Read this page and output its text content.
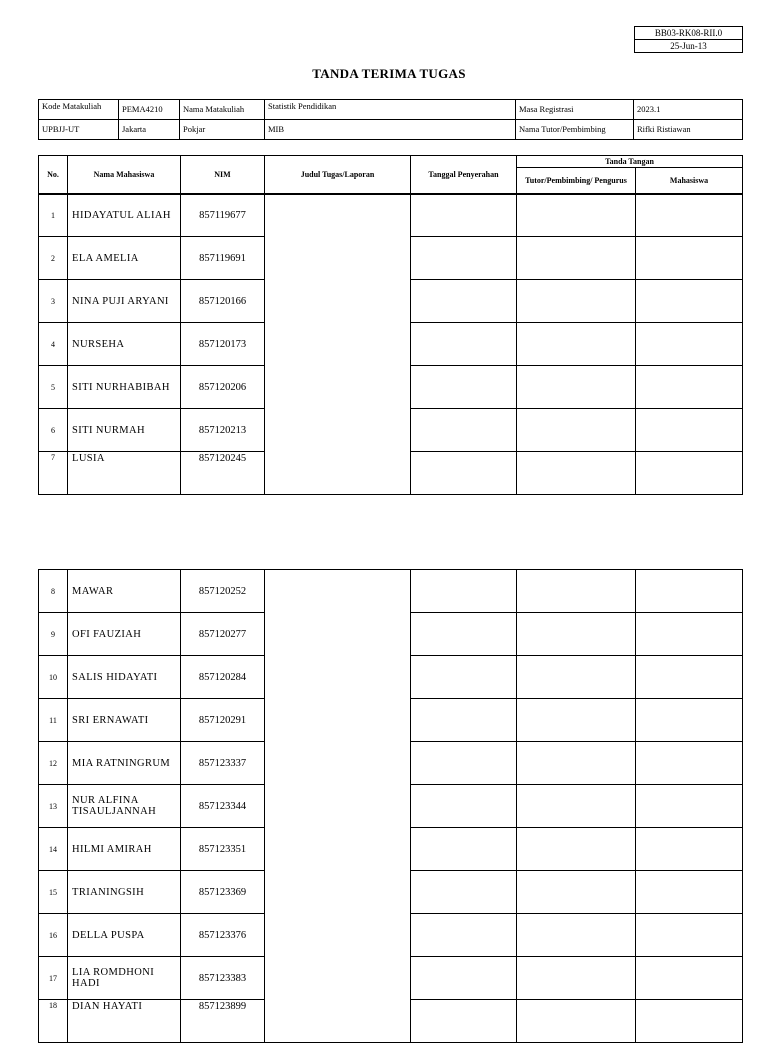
BB03-RK08-RII.0
25-Jun-13
TANDA TERIMA TUGAS
Kode Matakuliah	PEMA4210	Nama Matakuliah	Statistik Pendidikan	Masa Registrasi	2023.1
UPBJJ-UT	Jakarta	Pokjar	MIB	Nama Tutor/Pembimbing	Rifki Ristiawan
No.	Nama Mahasiswa	NIM	Judul Tugas/Laporan	Tanggal Penyerahan	Tanda Tangan	
					Tutor/Pembimbing/ Pengurus	Mahasiswa
1	HIDAYATUL ALIAH	857119677				
2	ELA AMELIA	857119691				
3	NINA PUJI ARYANI	857120166				
4	NURSEHA	857120173				
5	SITI NURHABIBAH	857120206				
6	SITI NURMAH	857120213				
7	LUSIA	857120245				
8	MAWAR	857120252				
9	OFI FAUZIAH	857120277				
10	SALIS HIDAYATI	857120284				
11	SRI ERNAWATI	857120291				
12	MIA RATNINGRUM	857123337				
13	NUR ALFINA TISAULJANNAH	857123344				
14	HILMI AMIRAH	857123351				
15	TRIANINGSIH	857123369				
16	DELLA PUSPA	857123376				
17	LIA ROMDHONI HADI	857123383				
18	DIAN HAYATI	857123899				
